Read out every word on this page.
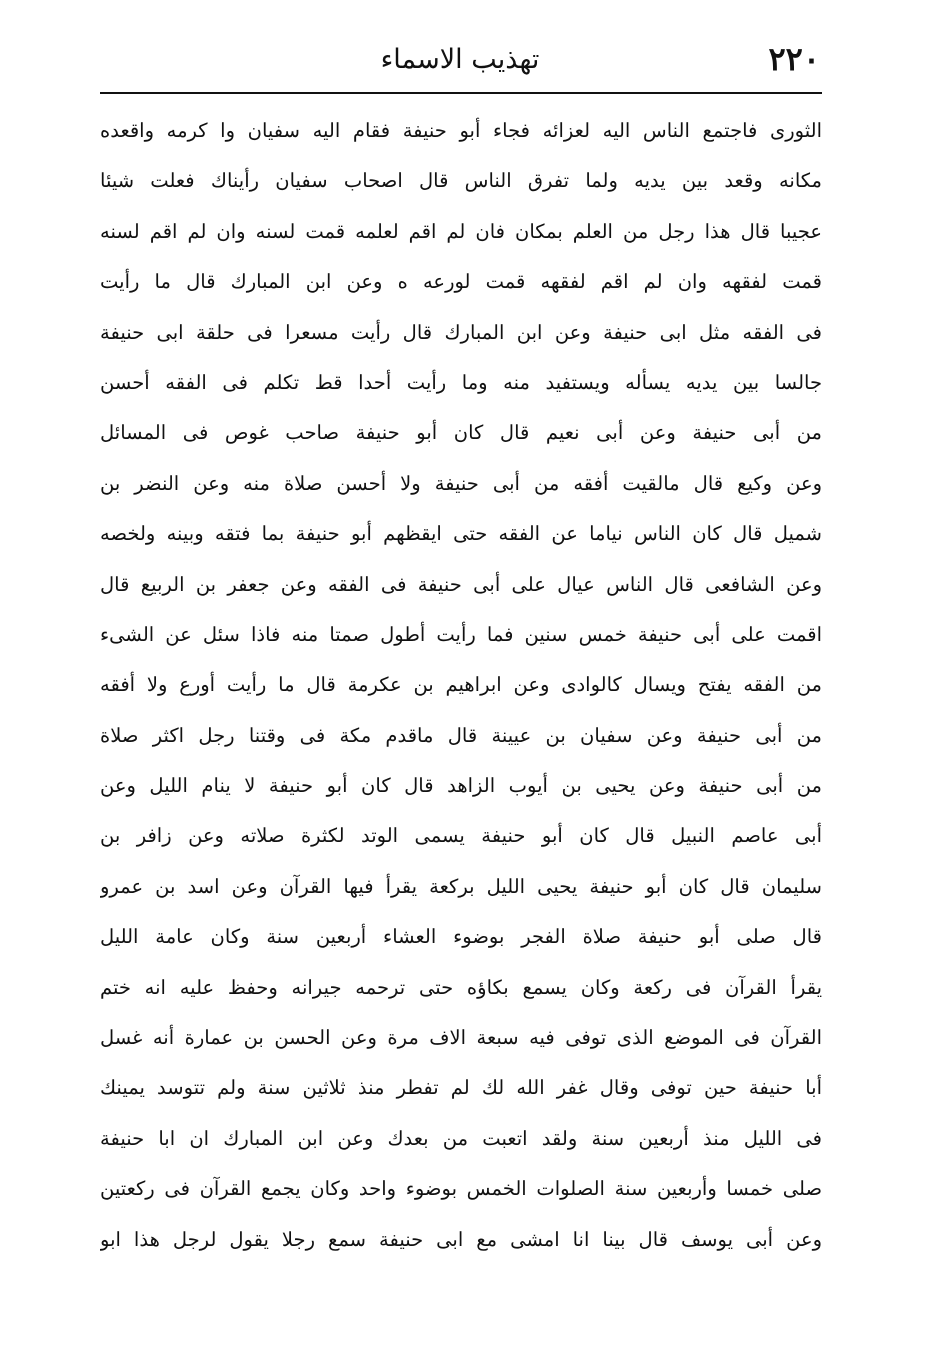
٢٢٠
تهذيب الاسماء
الثورى فاجتمع الناس اليه لعزائه فجاء أبو حنيفة فقام اليه سفيان وا كرمه واقعده
مكانه وقعد بين يديه ولما تفرق الناس قال اصحاب سفيان رأيناك فعلت شيئا
عجيبا قال هذا رجل من العلم بمكان فان لم اقم لعلمه قمت لسنه وان لم اقم لسنه
قمت لفقهه وان لم اقم لفقهه قمت لورعه ه وعن ابن المبارك قال ما رأيت
فى الفقه مثل ابى حنيفة وعن ابن المبارك قال رأيت مسعرا فى حلقة ابى حنيفة
جالسا بين يديه يسأله ويستفيد منه وما رأيت أحدا قط تكلم فى الفقه أحسن
من أبى حنيفة وعن أبى نعيم قال كان أبو حنيفة صاحب غوص فى المسائل
وعن وكيع قال مالقيت أفقه من أبى حنيفة ولا أحسن صلاة منه وعن النضر بن
شميل قال كان الناس نياما عن الفقه حتى ايقظهم أبو حنيفة بما فتقه وبينه ولخصه
وعن الشافعى قال الناس عيال على أبى حنيفة فى الفقه وعن جعفر بن الربيع قال
اقمت على أبى حنيفة خمس سنين فما رأيت أطول صمتا منه فاذا سئل عن الشىء
من الفقه يفتح ويسال كالوادى وعن ابراهيم بن عكرمة قال ما رأيت أورع ولا أفقه
من أبى حنيفة وعن سفيان بن عيينة قال ماقدم مكة فى وقتنا رجل اكثر صلاة
من أبى حنيفة وعن يحيى بن أيوب الزاهد قال كان أبو حنيفة لا ينام الليل وعن
أبى عاصم النبيل قال كان أبو حنيفة يسمى الوتد لكثرة صلاته وعن زافر بن
سليمان قال كان أبو حنيفة يحيى الليل بركعة يقرأ فيها القرآن وعن اسد بن عمرو
قال صلى أبو حنيفة صلاة الفجر بوضوء العشاء أربعين سنة وكان عامة الليل
يقرأ القرآن فى ركعة وكان يسمع بكاؤه حتى ترحمه جيرانه وحفظ عليه انه ختم
القرآن فى الموضع الذى توفى فيه سبعة الاف مرة وعن الحسن بن عمارة أنه غسل
أبا حنيفة حين توفى وقال غفر الله لك لم تفطر منذ ثلاثين سنة ولم تتوسد يمينك
فى الليل منذ أربعين سنة ولقد اتعبت من بعدك وعن ابن المبارك ان ابا حنيفة
صلى خمسا وأربعين سنة الصلوات الخمس بوضوء واحد وكان يجمع القرآن فى ركعتين
وعن أبى يوسف قال بينا انا امشى مع ابى حنيفة سمع رجلا يقول لرجل هذا ابو
